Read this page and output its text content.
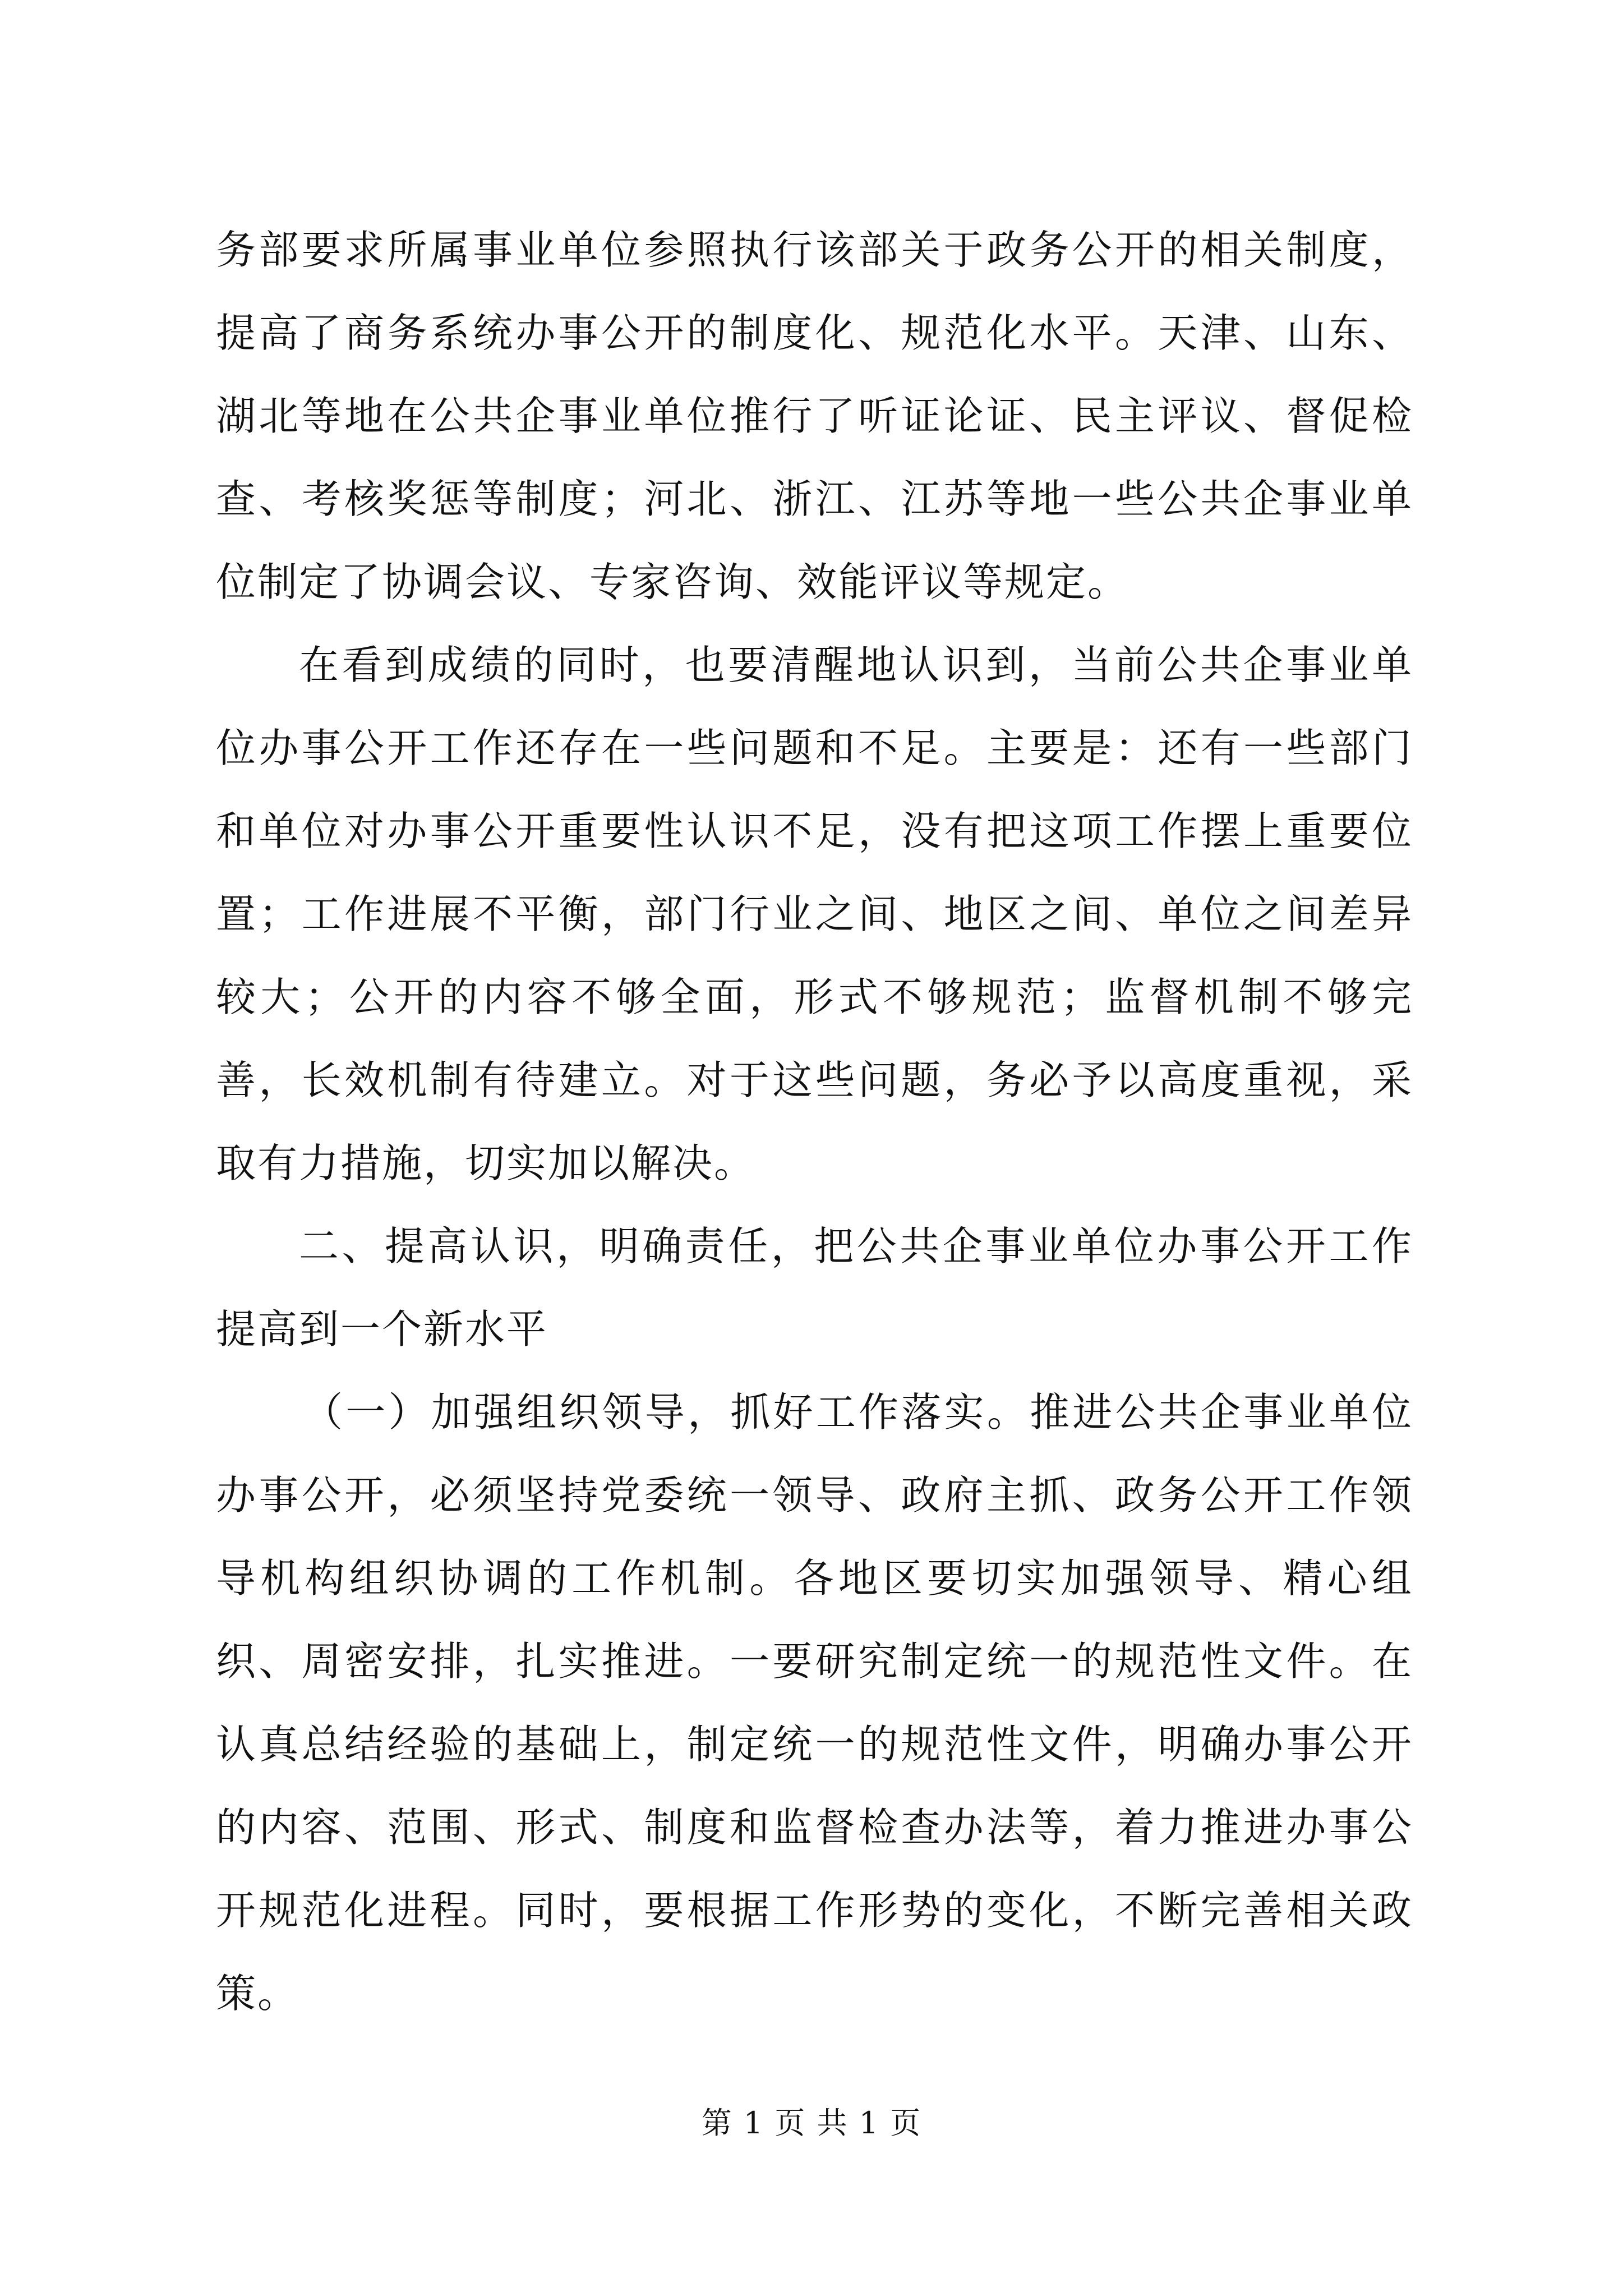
务部要求所属事业单位参照执行该部关于政务公开的相关制度，提高了商务系统办事公开的制度化、规范化水平。天津、山东、湖北等地在公共企事业单位推行了听证论证、民主评议、督促检查、考核奖惩等制度；河北、浙江、江苏等地一些公共企事业单位制定了协调会议、专家咨询、效能评议等规定。

在看到成绩的同时，也要清醒地认识到，当前公共企事业单位办事公开工作还存在一些问题和不足。主要是：还有一些部门和单位对办事公开重要性认识不足，没有把这项工作摆上重要位置；工作进展不平衡，部门行业之间、地区之间、单位之间差异较大；公开的内容不够全面，形式不够规范；监督机制不够完善，长效机制有待建立。对于这些问题，务必予以高度重视，采取有力措施，切实加以解决。

二、提高认识，明确责任，把公共企事业单位办事公开工作提高到一个新水平

（一）加强组织领导，抓好工作落实。推进公共企事业单位办事公开，必须坚持党委统一领导、政府主抓、政务公开工作领导机构组织协调的工作机制。各地区要切实加强领导、精心组织、周密安排，扎实推进。一要研究制定统一的规范性文件。在认真总结经验的基础上，制定统一的规范性文件，明确办事公开的内容、范围、形式、制度和监督检查办法等，着力推进办事公开规范化进程。同时，要根据工作形势的变化，不断完善相关政策。

第 1 页 共 1 页
